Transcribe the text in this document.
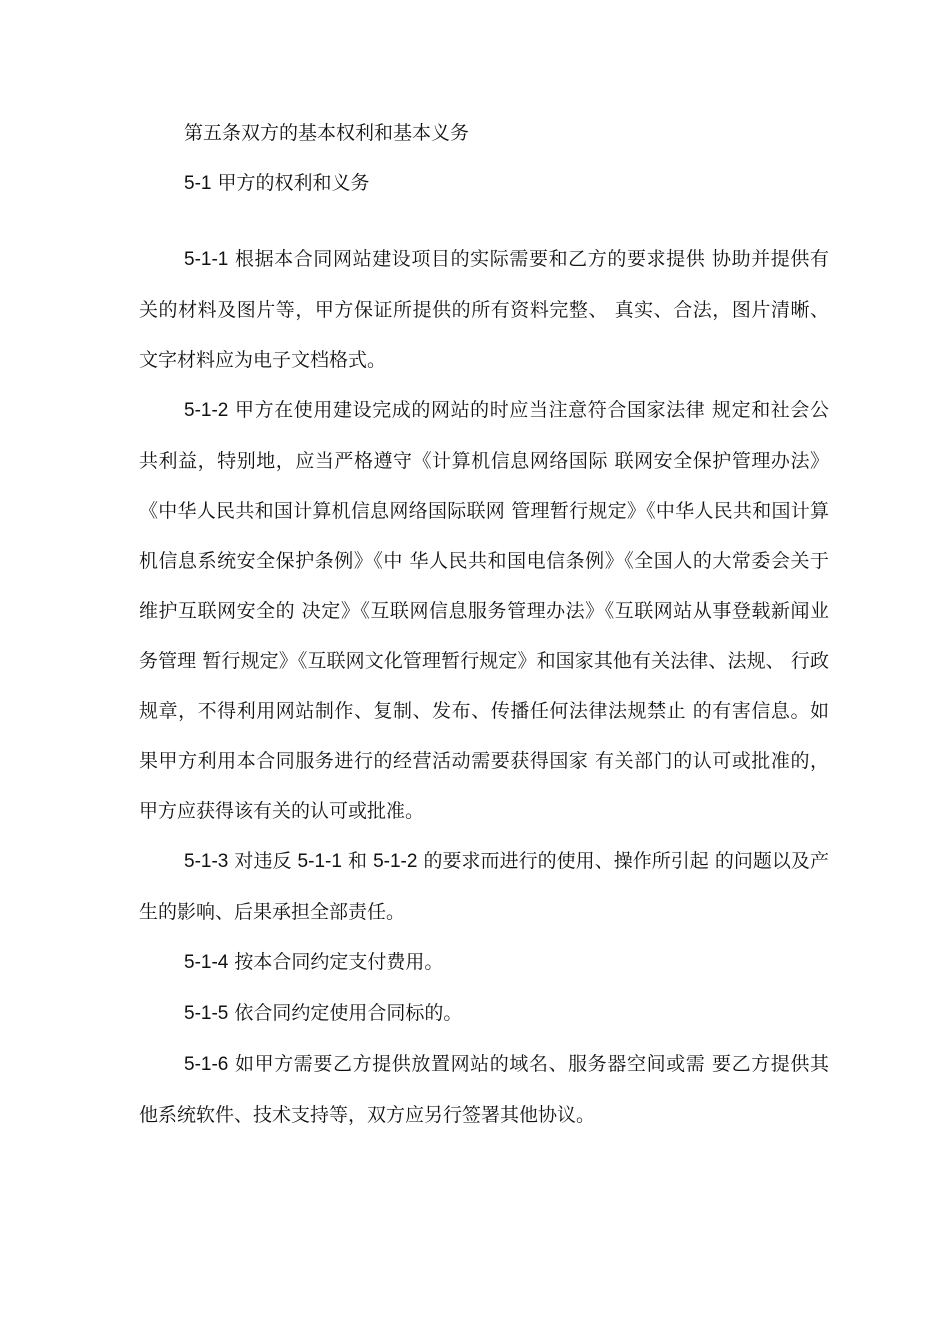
第五条双方的基本权利和基本义务

5-1 甲方的权利和义务

5-1-1 根据本合同网站建设项目的实际需要和乙方的要求提供 协助并提供有关的材料及图片等，甲方保证所提供的所有资料完整、 真实、合法，图片清晰、文字材料应为电子文档格式。

5-1-2 甲方在使用建设完成的网站的时应当注意符合国家法律 规定和社会公共利益，特别地，应当严格遵守《计算机信息网络国际 联网安全保护管理办法》《中华人民共和国计算机信息网络国际联网 管理暂行规定》《中华人民共和国计算机信息系统安全保护条例》《中 华人民共和国电信条例》《全国人的大常委会关于维护互联网安全的 决定》《互联网信息服务管理办法》《互联网站从事登载新闻业务管理 暂行规定》《互联网文化管理暂行规定》和国家其他有关法律、法规、 行政规章，不得利用网站制作、复制、发布、传播任何法律法规禁止 的有害信息。如果甲方利用本合同服务进行的经营活动需要获得国家 有关部门的认可或批准的，甲方应获得该有关的认可或批准。

5-1-3 对违反 5-1-1 和 5-1-2 的要求而进行的使用、操作所引起 的问题以及产生的影响、后果承担全部责任。

5-1-4 按本合同约定支付费用。

5-1-5 依合同约定使用合同标的。

5-1-6 如甲方需要乙方提供放置网站的域名、服务器空间或需 要乙方提供其他系统软件、技术支持等，双方应另行签署其他协议。
